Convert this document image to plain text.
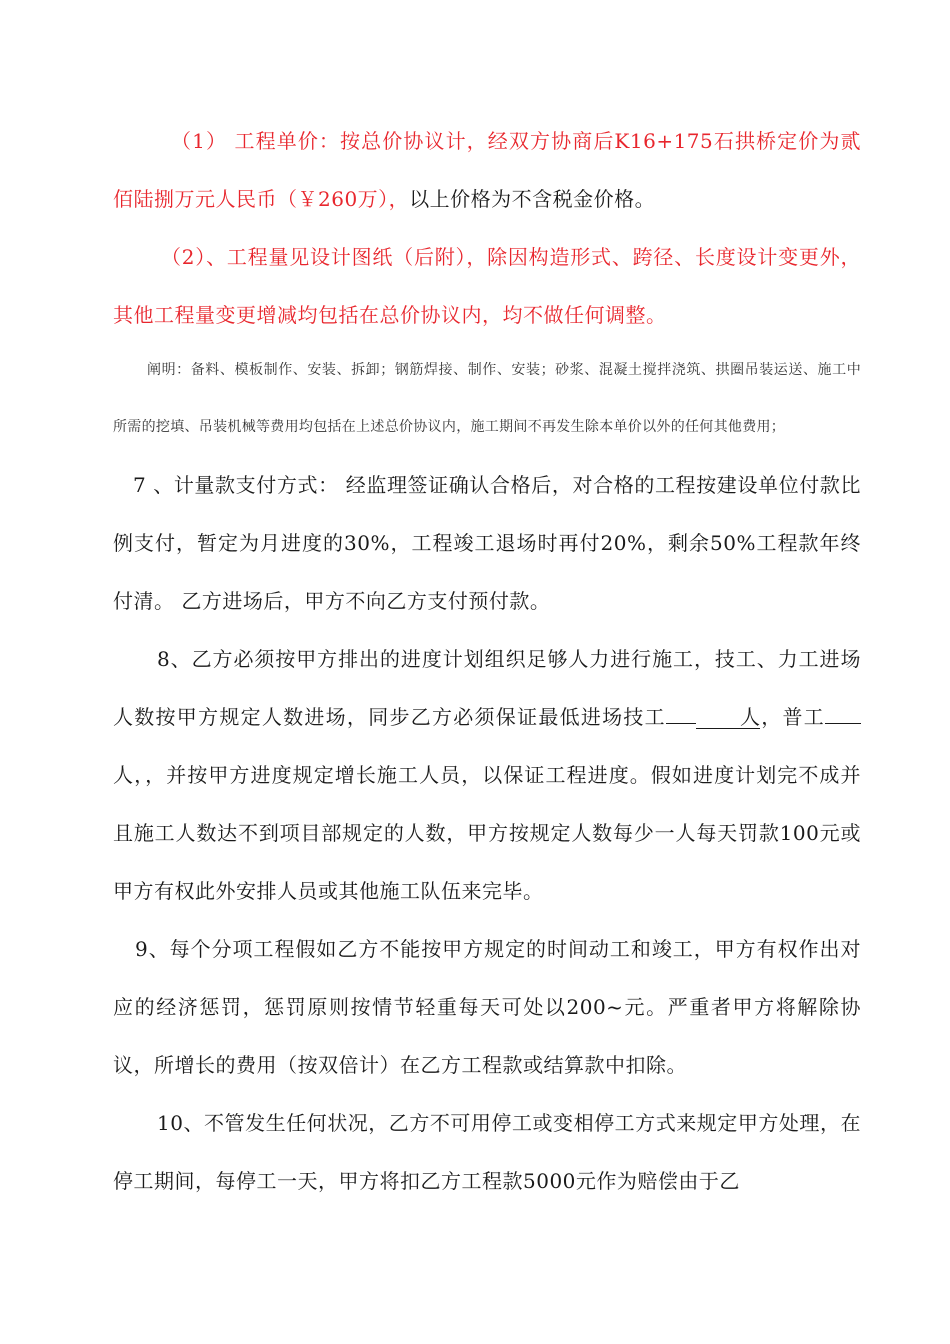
（1） 工程单价：按总价协议计，经双方协商后K16+175石拱桥定价为贰佰陆捌万元人民币（￥260万），以上价格为不含税金价格。

（2）、工程量见设计图纸（后附），除因构造形式、跨径、长度设计变更外，其他工程量变更增减均包括在总价协议内，均不做任何调整。

阐明：备料、模板制作、安装、拆卸；钢筋焊接、制作、安装；砂浆、混凝土搅拌浇筑、拱圈吊装运送、施工中所需的挖填、吊装机械等费用均包括在上述总价协议内，施工期间不再发生除本单价以外的任何其他费用；

7 、计量款支付方式： 经监理签证确认合格后，对合格的工程按建设单位付款比例支付，暂定为月进度的30%，工程竣工退场时再付20%，剩余50%工程款年终付清。 乙方进场后，甲方不向乙方支付预付款。

8、乙方必须按甲方排出的进度计划组织足够人力进行施工，技工、力工进场人数按甲方规定人数进场，同步乙方必须保证最低进场技工	人，普工人，，并按甲方进度规定增长施工人员，以保证工程进度。假如进度计划完不成并且施工人数达不到项目部规定的人数，甲方按规定人数每少一人每天罚款100元或甲方有权此外安排人员或其他施工队伍来完毕。

9、每个分项工程假如乙方不能按甲方规定的时间动工和竣工，甲方有权作出对应的经济惩罚，惩罚原则按情节轻重每天可处以200~元。严重者甲方将解除协议，所增长的费用（按双倍计）在乙方工程款或结算款中扣除。

10、不管发生任何状况，乙方不可用停工或变相停工方式来规定甲方处理，在停工期间，每停工一天，甲方将扣乙方工程款5000元作为赔偿由于乙
